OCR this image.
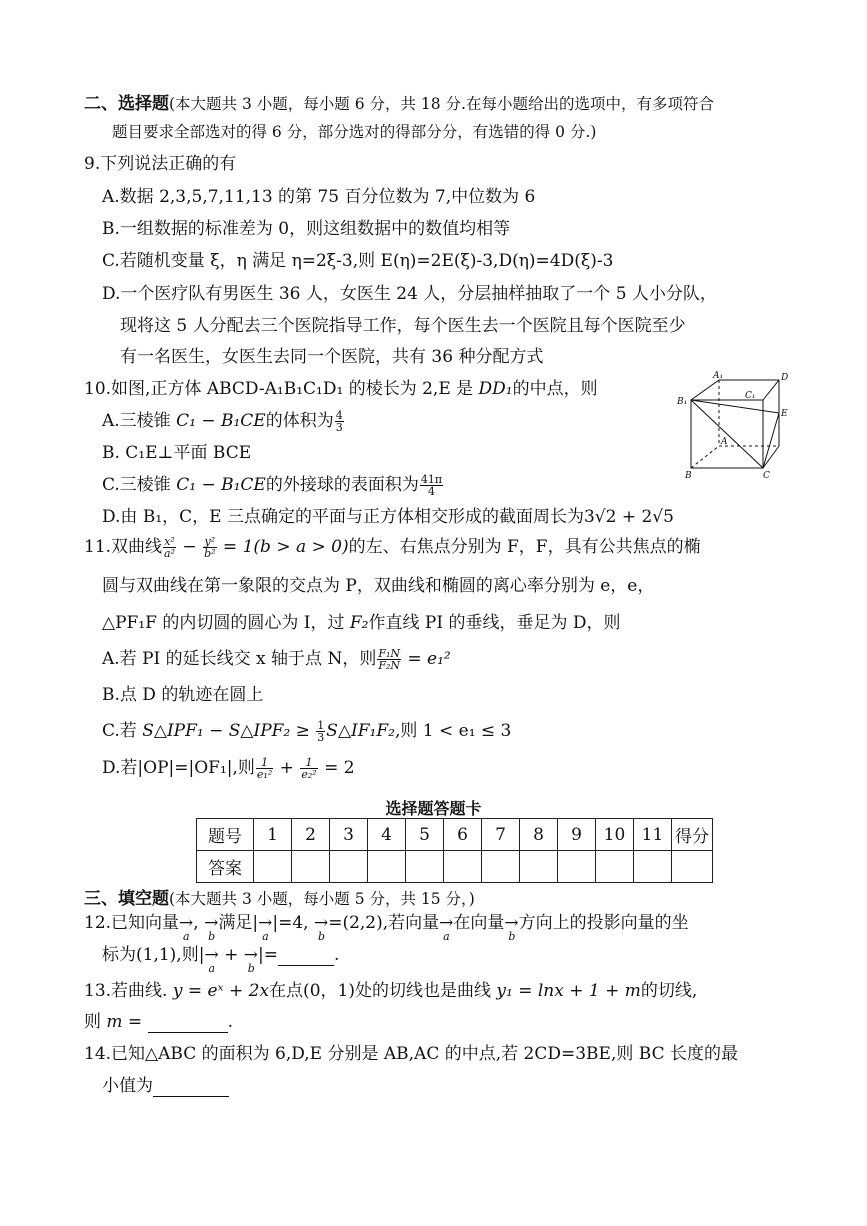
二、选择题(本大题共 3 小题，每小题 6 分，共 18 分.在每小题给出的选项中，有多项符合
题目要求全部选对的得 6 分，部分选对的得部分分，有选错的得 0 分.)
9.下列说法正确的有
A.数据 2,3,5,7,11,13 的第 75 百分位数为 7,中位数为 6
B.一组数据的标准差为 0，则这组数据中的数值均相等
C.若随机变量 ξ，η 满足 η=2ξ-3,则 E(η)=2E(ξ)-3,D(η)=4D(ξ)-3
D.一个医疗队有男医生 36 人，女医生 24 人，分层抽样抽取了一个 5 人小分队，
现将这 5 人分配去三个医院指导工作，每个医生去一个医院且每个医院至少
有一名医生，女医生去同一个医院，共有 36 种分配方式
10.如图,正方体 ABCD-A₁B₁C₁D₁ 的棱长为 2,E 是 DD₁的中点，则
A.三棱锥 C₁ − B₁CE的体积为 $\frac{4}{3}$
B. C₁E⊥平面 BCE
C.三棱锥 C₁ − B₁CE的外接球的表面积为 $\frac{41\pi}{4}$
D.由 B₁，C，E 三点确定的平面与正方体相交形成的截面周长为3√2 + 2√5
A₁	D
B₁
C₁
A
B	C
E
11.双曲线 $\frac{\text{x²}}{\text{a²}} - \frac{\text{y²}}{\text{b²}} = 1(b > a > 0)$的左、右焦点分别为 F，F，具有公共焦点的椭
圆与双曲线在第一象限的交点为 P，双曲线和椭圆的离心率分别为 e，e，
△PF₁F 的内切圆的圆心为 I，过 F₂作直线 PI 的垂线，垂足为 D，则
A.若 PI 的延长线交 x 轴于点 N，则 $\frac{\text{F₁N}}{\text{F₂N}} = e_1^2$
B.点 D 的轨迹在圆上
C.若 S△IPF₁ − S△IPF₂ ≥ $\frac{1}{3}$ S△IF₁F₂,则 1 < e₁ ≤ 3
D.若|OP|=|OF₁|,则 $\frac{1}{\text{e₁²}} + \frac{1}{\text{e₂²}} = 2$
选择题答题卡
题号	1	2	3	4	5	6	7	8	9	10	11	得分
答案												
三、填空题(本大题共 3 小题，每小题 5 分，共 15 分，)
12.已知向量→
a
, →
b
满足|→
a
|=4, →
b
=(2,2),若向量→
a
在向量→
b
方向上的投影向量的坐
标为(1,1),则|→
a
+ →
b
|=	.
13.若曲线. y = eˣ + 2x在点(0，1)处的切线也是曲线 y₁ = lnx + 1 + m的切线,
则 m =	.
14.已知△ABC 的面积为 6,D,E 分别是 AB,AC 的中点,若 2CD=3BE,则 BC 长度的最
小值为
